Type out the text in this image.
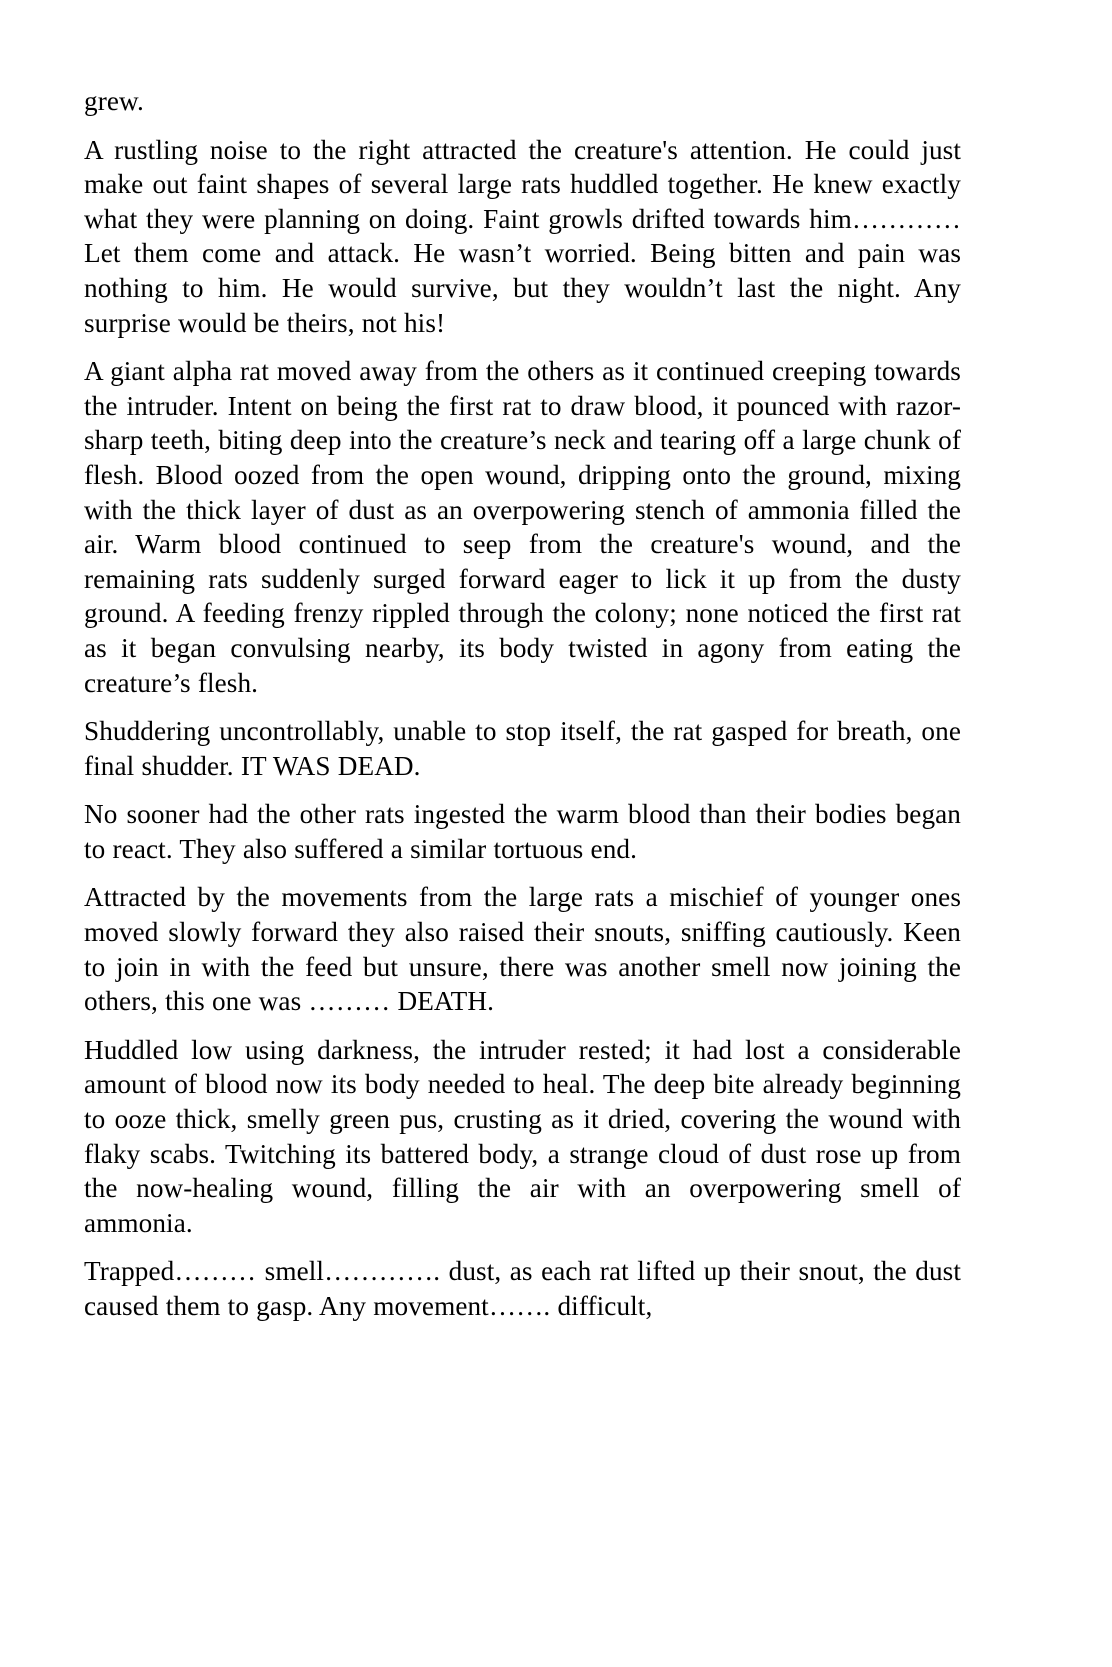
grew.

A rustling noise to the right attracted the creature's attention. He could just make out faint shapes of several large rats huddled together. He knew exactly what they were planning on doing. Faint growls drifted towards him………… Let them come and attack. He wasn’t worried. Being bitten and pain was nothing to him. He would survive, but they wouldn’t last the night. Any surprise would be theirs, not his!

A giant alpha rat moved away from the others as it continued creeping towards the intruder. Intent on being the first rat to draw blood, it pounced with razor-sharp teeth, biting deep into the creature’s neck and tearing off a large chunk of flesh. Blood oozed from the open wound, dripping onto the ground, mixing with the thick layer of dust as an overpowering stench of ammonia filled the air. Warm blood continued to seep from the creature's wound, and the remaining rats suddenly surged forward eager to lick it up from the dusty ground. A feeding frenzy rippled through the colony; none noticed the first rat as it began convulsing nearby, its body twisted in agony from eating the creature’s flesh.

Shuddering uncontrollably, unable to stop itself, the rat gasped for breath, one final shudder. IT WAS DEAD.

No sooner had the other rats ingested the warm blood than their bodies began to react. They also suffered a similar tortuous end.

Attracted by the movements from the large rats a mischief of younger ones moved slowly forward they also raised their snouts, sniffing cautiously. Keen to join in with the feed but unsure, there was another smell now joining the others, this one was ……… DEATH.

Huddled low using darkness, the intruder rested; it had lost a considerable amount of blood now its body needed to heal. The deep bite already beginning to ooze thick, smelly green pus, crusting as it dried, covering the wound with flaky scabs. Twitching its battered body, a strange cloud of dust rose up from the now-healing wound, filling the air with an overpowering smell of ammonia.

Trapped……… smell…………. dust, as each rat lifted up their snout, the dust caused them to gasp. Any movement……. difficult,
